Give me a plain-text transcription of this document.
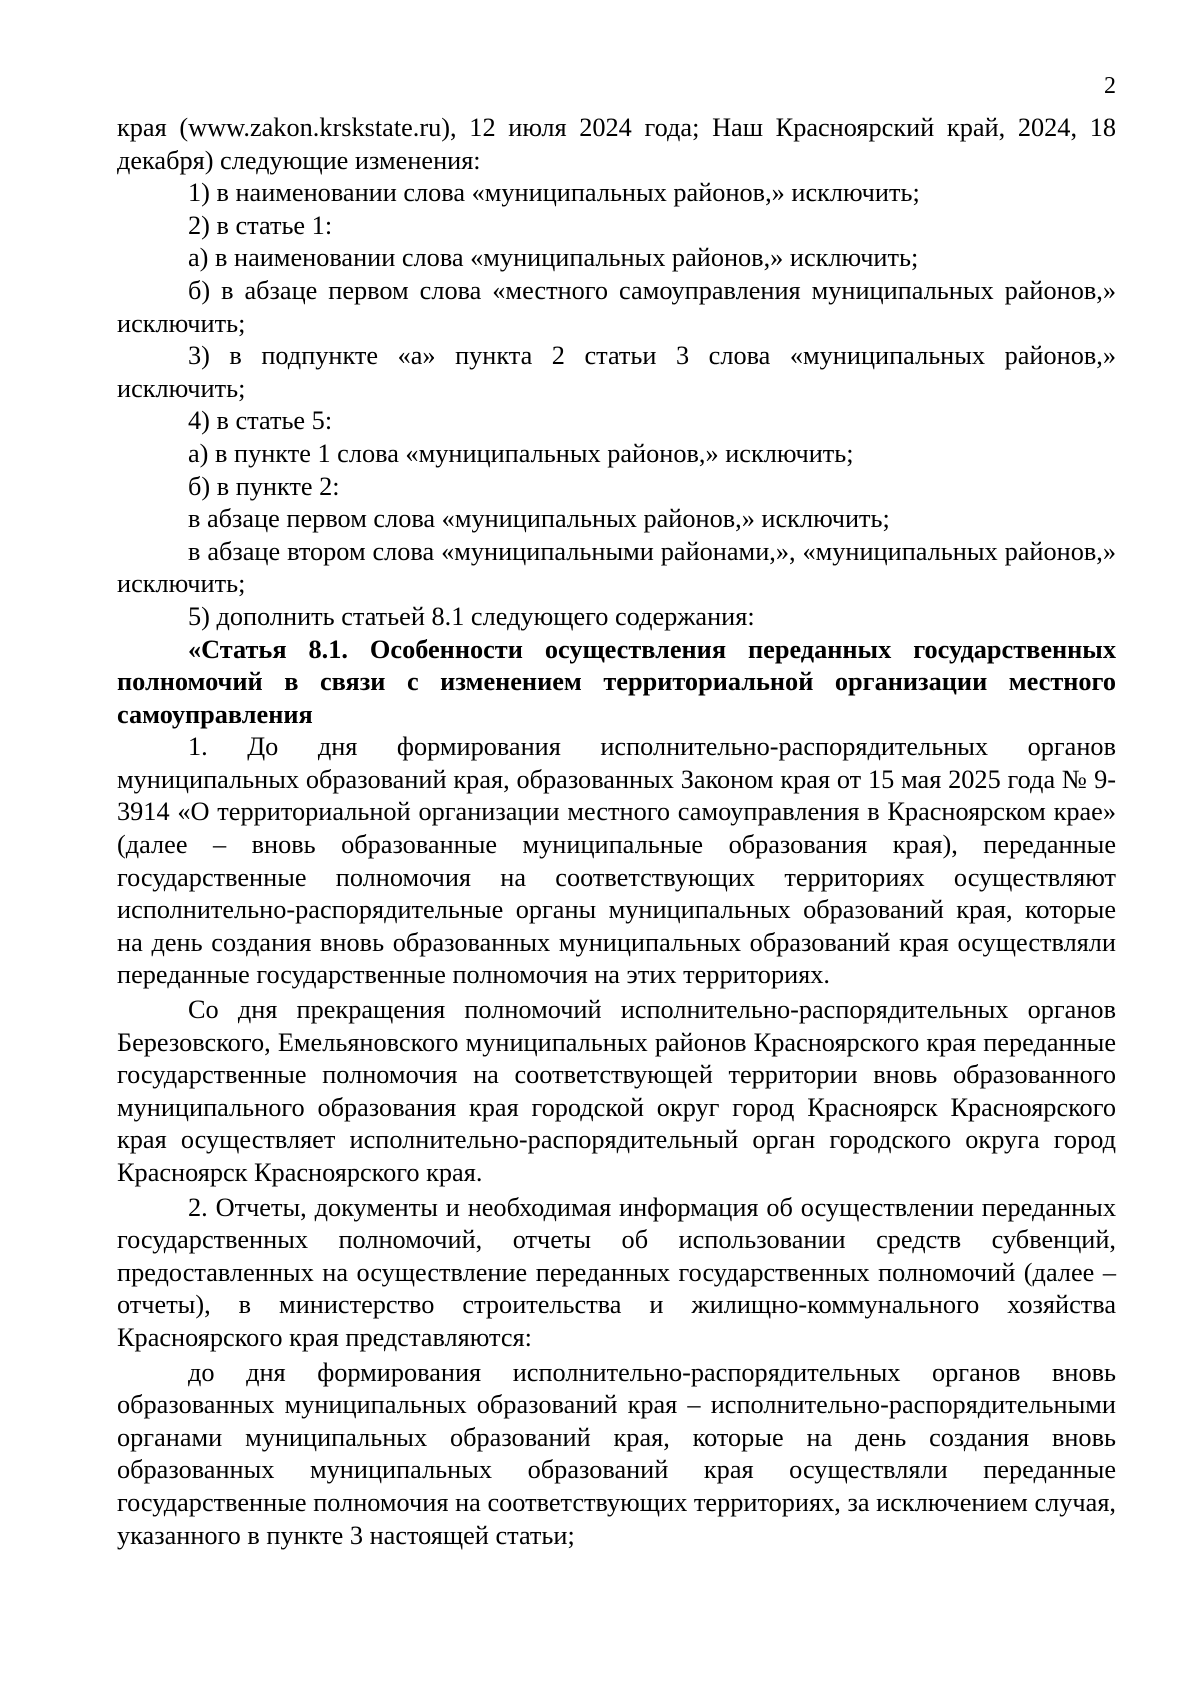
2

края (www.zakon.krskstate.ru), 12 июля 2024 года; Наш Красноярский край, 2024, 18 декабря) следующие изменения:

1) в наименовании слова «муниципальных районов,» исключить;

2) в статье 1:

а) в наименовании слова «муниципальных районов,» исключить;

б) в абзаце первом слова «местного самоуправления муниципальных районов,» исключить;

3) в подпункте «а» пункта 2 статьи 3 слова «муниципальных районов,» исключить;

4) в статье 5:

а) в пункте 1 слова «муниципальных районов,» исключить;

б) в пункте 2:

в абзаце первом слова «муниципальных районов,» исключить;

в абзаце втором слова «муниципальными районами,», «муниципальных районов,» исключить;

5) дополнить статьей 8.1 следующего содержания:

«Статья 8.1. Особенности осуществления переданных государственных полномочий в связи с изменением территориальной организации местного самоуправления

1. До дня формирования исполнительно-распорядительных органов муниципальных образований края, образованных Законом края от 15 мая 2025 года № 9-3914 «О территориальной организации местного самоуправления в Красноярском крае» (далее – вновь образованные муниципальные образования края), переданные государственные полномочия на соответствующих территориях осуществляют исполнительно-распорядительные органы муниципальных образований края, которые на день создания вновь образованных муниципальных образований края осуществляли переданные государственные полномочия на этих территориях.

Со дня прекращения полномочий исполнительно-распорядительных органов Березовского, Емельяновского муниципальных районов Красноярского края переданные государственные полномочия на соответствующей территории вновь образованного муниципального образования края городской округ город Красноярск Красноярского края осуществляет исполнительно-распорядительный орган городского округа город Красноярск Красноярского края.

2. Отчеты, документы и необходимая информация об осуществлении переданных государственных полномочий, отчеты об использовании средств субвенций, предоставленных на осуществление переданных государственных полномочий (далее – отчеты), в министерство строительства и жилищно-коммунального хозяйства Красноярского края представляются:

до дня формирования исполнительно-распорядительных органов вновь образованных муниципальных образований края – исполнительно-распорядительными органами муниципальных образований края, которые на день создания вновь образованных муниципальных образований края осуществляли переданные государственные полномочия на соответствующих территориях, за исключением случая, указанного в пункте 3 настоящей статьи;
